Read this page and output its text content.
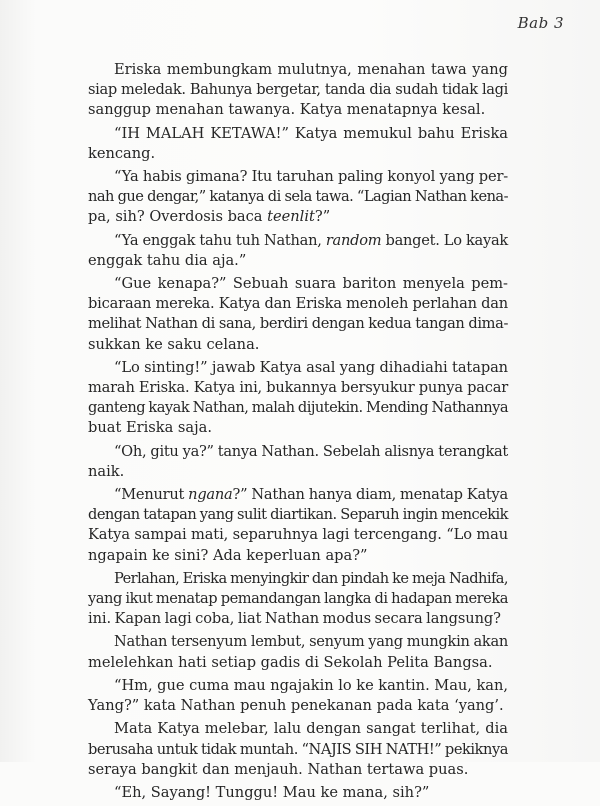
Bab 3
Eriska membungkam mulutnya, menahan tawa yang
siap meledak. Bahunya bergetar, tanda dia sudah tidak lagi
sanggup menahan tawanya. Katya menatapnya kesal.
“IH MALAH KETAWA!” Katya memukul bahu Eriska
kencang.
“Ya habis gimana? Itu taruhan paling konyol yang per-
nah gue dengar,” katanya di sela tawa. “Lagian Nathan kena-
pa, sih? Overdosis baca teenlit?”
“Ya enggak tahu tuh Nathan, random banget. Lo kayak
enggak tahu dia aja.”
“Gue kenapa?” Sebuah suara bariton menyela pem-
bicaraan mereka. Katya dan Eriska menoleh perlahan dan
melihat Nathan di sana, berdiri dengan kedua tangan dima-
sukkan ke saku celana.
“Lo sinting!” jawab Katya asal yang dihadiahi tatapan
marah Eriska. Katya ini, bukannya bersyukur punya pacar
ganteng kayak Nathan, malah dijutekin. Mending Nathannya
buat Eriska saja.
“Oh, gitu ya?” tanya Nathan. Sebelah alisnya terangkat
naik.
“Menurut ngana?” Nathan hanya diam, menatap Katya
dengan tatapan yang sulit diartikan. Separuh ingin mencekik
Katya sampai mati, separuhnya lagi tercengang. “Lo mau
ngapain ke sini? Ada keperluan apa?”
Perlahan, Eriska menyingkir dan pindah ke meja Nadhifa,
yang ikut menatap pemandangan langka di hadapan mereka
ini. Kapan lagi coba, liat Nathan modus secara langsung?
Nathan tersenyum lembut, senyum yang mungkin akan
melelehkan hati setiap gadis di Sekolah Pelita Bangsa.
“Hm, gue cuma mau ngajakin lo ke kantin. Mau, kan,
Yang?” kata Nathan penuh penekanan pada kata ‘yang’.
Mata Katya melebar, lalu dengan sangat terlihat, dia
berusaha untuk tidak muntah. “NAJIS SIH NATH!” pekiknya
seraya bangkit dan menjauh. Nathan tertawa puas.
“Eh, Sayang! Tunggu! Mau ke mana, sih?”
